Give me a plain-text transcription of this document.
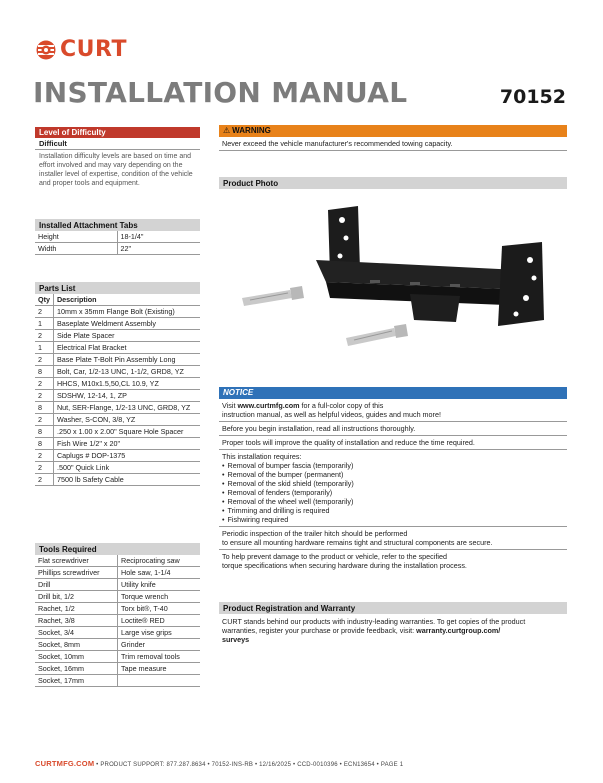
CURT
INSTALLATION MANUAL	70152
Level of Difficulty
Difficult
Installation difficulty levels are based on time and effort involved and may vary depending on the installer level of expertise, condition of the vehicle and proper tools and equipment.
Installed Attachment Tabs
Height	18-1/4"
Width	22"
Parts List
Qty	Description
2	10mm x 35mm Flange Bolt (Existing)
1	Baseplate Weldment Assembly
2	Side Plate Spacer
1	Electrical Flat Bracket
2	Base Plate T-Bolt Pin Assembly Long
8	Bolt, Car, 1/2-13 UNC, 1-1/2, GRD8, YZ
2	HHCS, M10x1.5,50,CL 10.9, YZ
2	SDSHW, 12-14, 1, ZP
8	Nut, SER-Flange, 1/2-13 UNC, GRD8, YZ
2	Washer, S-CON, 3/8, YZ
8	.250 x 1.00 x 2.00" Square Hole Spacer
8	Fish Wire 1/2" x 20"
2	Caplugs # DOP-1375
2	.500" Quick Link
2	7500 lb Safety Cable
Tools Required
Flat screwdriver	Reciprocating saw
Phillips screwdriver	Hole saw, 1-1/4
Drill	Utility knife
Drill bit, 1/2	Torque wrench
Rachet, 1/2	Torx bit®, T-40
Rachet, 3/8	Loctite® RED
Socket, 3/4	Large vise grips
Socket, 8mm	Grinder
Socket, 10mm	Trim removal tools
Socket, 16mm	Tape measure
Socket, 17mm	
⚠ WARNING
Never exceed the vehicle manufacturer's recommended towing capacity.
Product Photo
NOTICE
Visit www.curtmfg.com for a full-color copy of this
instruction manual, as well as helpful videos, guides and much more!
Before you begin installation, read all instructions thoroughly.
Proper tools will improve the quality of installation and reduce the time required.
This installation requires:
• Removal of bumper fascia (temporarily)
• Removal of the bumper (permanent)
• Removal of the skid shield (temporarily)
• Removal of fenders (temporarily)
• Removal of the wheel well (temporarily)
• Trimming and drilling is required
• Fishwiring required
Periodic inspection of the trailer hitch should be performed
to ensure all mounting hardware remains tight and structural components are secure.
To help prevent damage to the product or vehicle, refer to the specified
torque specifications when securing hardware during the installation process.
Product Registration and Warranty
CURT stands behind our products with industry-leading warranties. To get copies of the product
warranties, register your purchase or provide feedback, visit: warranty.curtgroup.com/
surveys
CURTMFG.COM • PRODUCT SUPPORT: 877.287.8634 • 70152-INS-RB • 12/16/2025 • CCD-0010396 • ECN13654 • PAGE 1
